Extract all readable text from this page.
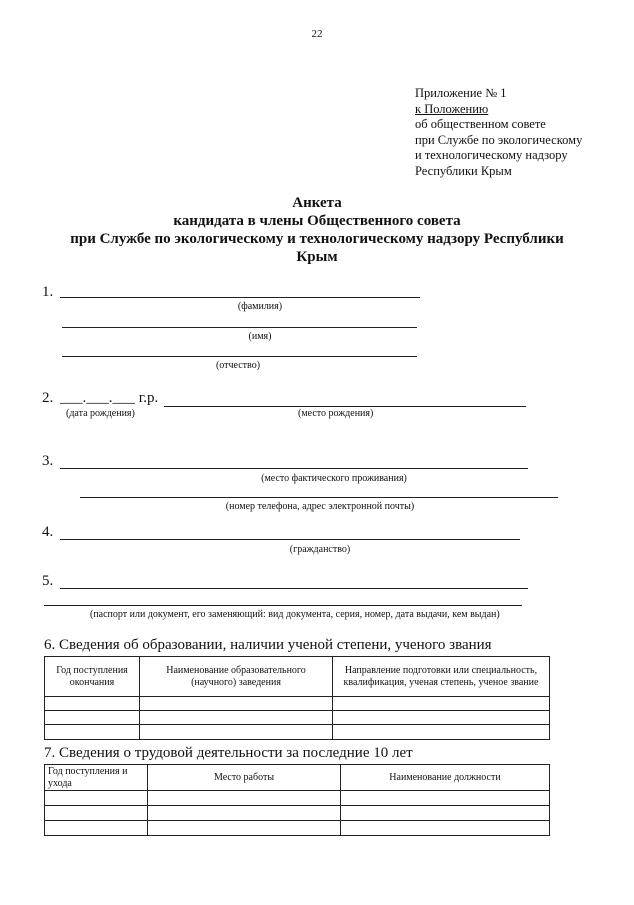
22
Приложение № 1
к Положению
об общественном совете
при Службе по экологическому
и технологическому надзору
Республики Крым
Анкета
кандидата в члены Общественного совета
при Службе по экологическому и технологическому надзору Республики
Крым
1.
(фамилия)
(имя)
(отчество)
2. ___.___.___ г.р.
(дата рождения)	(место рождения)
3.
(место фактического проживания)
(номер телефона, адрес электронной почты)
4.
(гражданство)
5.
(паспорт или документ, его заменяющий: вид документа, серия, номер, дата выдачи, кем выдан)
6. Сведения об образовании, наличии ученой степени, ученого звания
Год поступления окончания	Наименование образовательного (научного) заведения	Направление подготовки или специальность, квалификация, ученая степень, ученое звание

7. Сведения о трудовой деятельности за последние 10 лет
Год поступления и ухода	Место работы	Наименование должности
